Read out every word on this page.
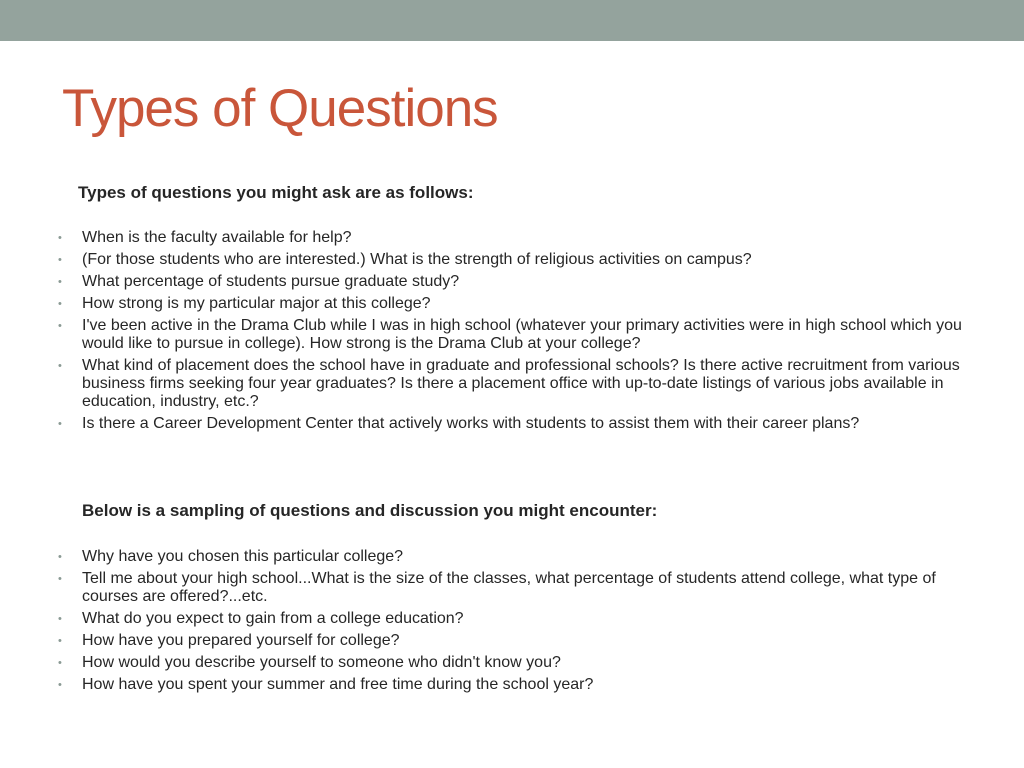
Types of Questions

Types of questions you might ask are as follows:

• When is the faculty available for help?
• (For those students who are interested.) What is the strength of religious activities on campus?
• What percentage of students pursue graduate study?
• How strong is my particular major at this college?
• I've been active in the Drama Club while I was in high school (whatever your primary activities were in high school which you would like to pursue in college). How strong is the Drama Club at your college?
• What kind of placement does the school have in graduate and professional schools? Is there active recruitment from various business firms seeking four year graduates? Is there a placement office with up-to-date listings of various jobs available in education, industry, etc.?
• Is there a Career Development Center that actively works with students to assist them with their career plans?

Below is a sampling of questions and discussion you might encounter:

• Why have you chosen this particular college?
• Tell me about your high school...What is the size of the classes, what percentage of students attend college, what type of courses are offered?...etc.
• What do you expect to gain from a college education?
• How have you prepared yourself for college?
• How would you describe yourself to someone who didn't know you?
• How have you spent your summer and free time during the school year?
